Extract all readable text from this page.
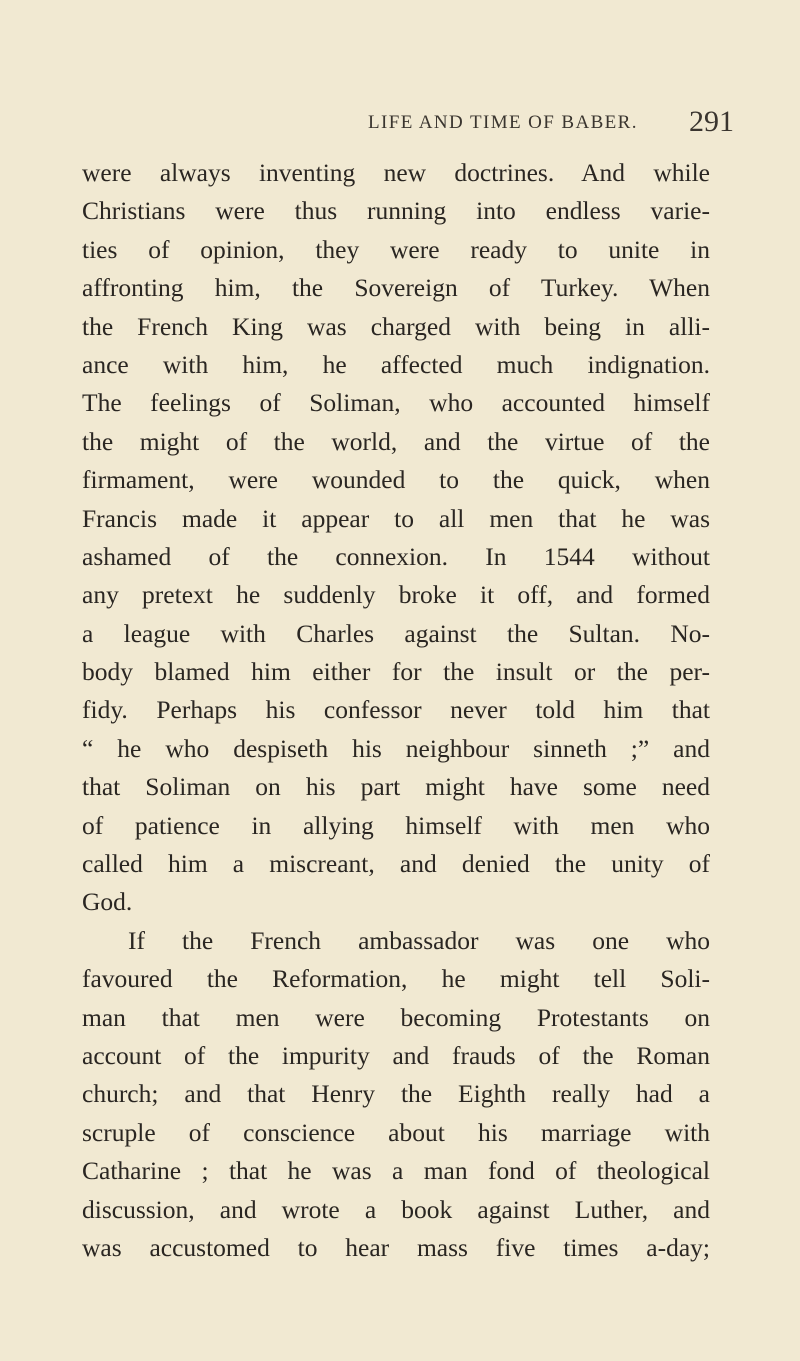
LIFE AND TIME OF BABER. 291
were always inventing new doctrines. And while
Christians were thus running into endless varie-
ties of opinion, they were ready to unite in
affronting him, the Sovereign of Turkey. When
the French King was charged with being in alli-
ance with him, he affected much indignation.
The feelings of Soliman, who accounted himself
the might of the world, and the virtue of the
firmament, were wounded to the quick, when
Francis made it appear to all men that he was
ashamed of the connexion. In 1544 without
any pretext he suddenly broke it off, and formed
a league with Charles against the Sultan. No-
body blamed him either for the insult or the per-
fidy. Perhaps his confessor never told him that
“ he who despiseth his neighbour sinneth ;” and
that Soliman on his part might have some need
of patience in allying himself with men who
called him a miscreant, and denied the unity of
God.
If the French ambassador was one who
favoured the Reformation, he might tell Soli-
man that men were becoming Protestants on
account of the impurity and frauds of the Roman
church; and that Henry the Eighth really had a
scruple of conscience about his marriage with
Catharine ; that he was a man fond of theological
discussion, and wrote a book against Luther, and
was accustomed to hear mass five times a-day;
